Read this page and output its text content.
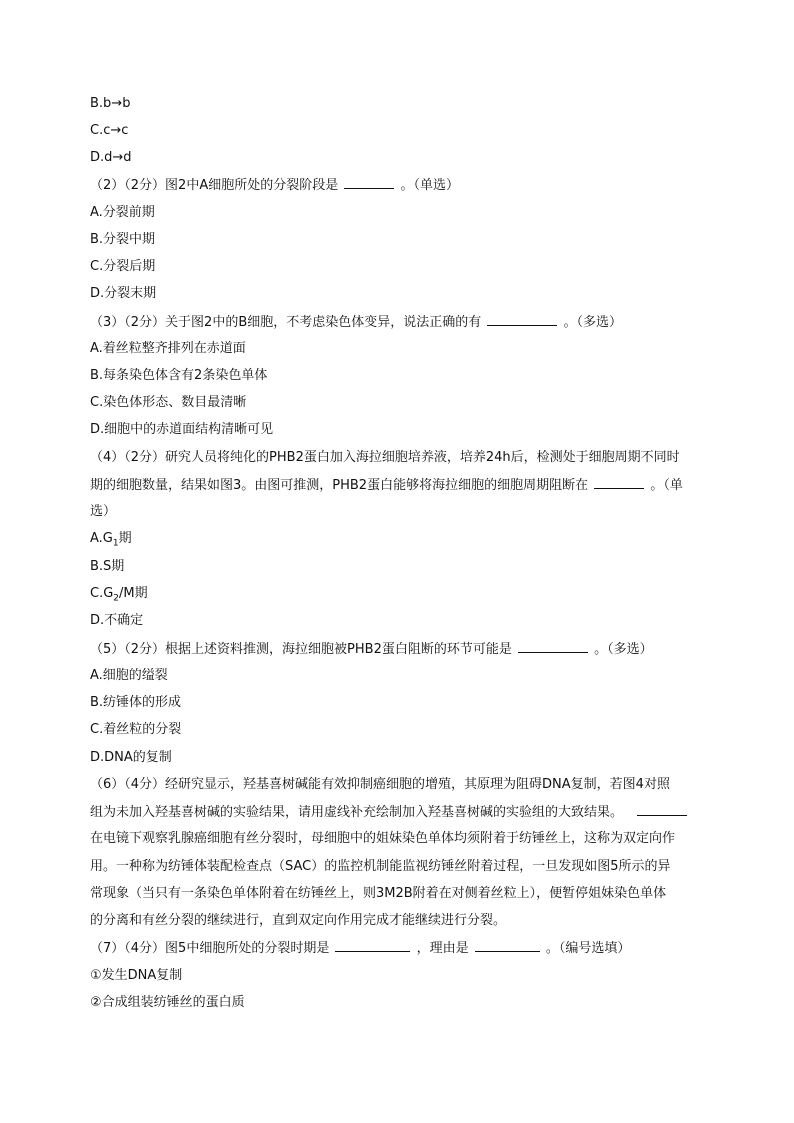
B.b→b
C.c→c
D.d→d
（2）（2分）图2中A细胞所处的分裂阶段是	。（单选）
A.分裂前期
B.分裂中期
C.分裂后期
D.分裂末期
（3）（2分）关于图2中的B细胞，不考虑染色体变异，说法正确的有	。（多选）
A.着丝粒整齐排列在赤道面
B.每条染色体含有2条染色单体
C.染色体形态、数目最清晰
D.细胞中的赤道面结构清晰可见
（4）（2分）研究人员将纯化的PHB2蛋白加入海拉细胞培养液，培养24h后，检测处于细胞周期不同时
期的细胞数量，结果如图3。由图可推测，PHB2蛋白能够将海拉细胞的细胞周期阻断在	。（单
选）
$A.G_1$期
B.S期
$C.G_2/M$期
D.不确定
（5）（2分）根据上述资料推测，海拉细胞被PHB2蛋白阻断的环节可能是	。（多选）
A.细胞的缢裂
B.纺锤体的形成
C.着丝粒的分裂
D.DNA的复制
（6）（4分）经研究显示，羟基喜树碱能有效抑制癌细胞的增殖，其原理为阻碍DNA复制，若图4对照
组为未加入羟基喜树碱的实验结果，请用虚线补充绘制加入羟基喜树碱的实验组的大致结果。
在电镜下观察乳腺癌细胞有丝分裂时，母细胞中的姐妹染色单体均须附着于纺锤丝上，这称为双定向作
用。一种称为纺锤体装配检查点（SAC）的监控机制能监视纺锤丝附着过程，一旦发现如图5所示的异
常现象（当只有一条染色单体附着在纺锤丝上，则3M2B附着在对侧着丝粒上），便暂停姐妹染色单体
的分离和有丝分裂的继续进行，直到双定向作用完成才能继续进行分裂。
（7）（4分）图5中细胞所处的分裂时期是	，理由是	。（编号选填）
①发生DNA复制
②合成组装纺锤丝的蛋白质
